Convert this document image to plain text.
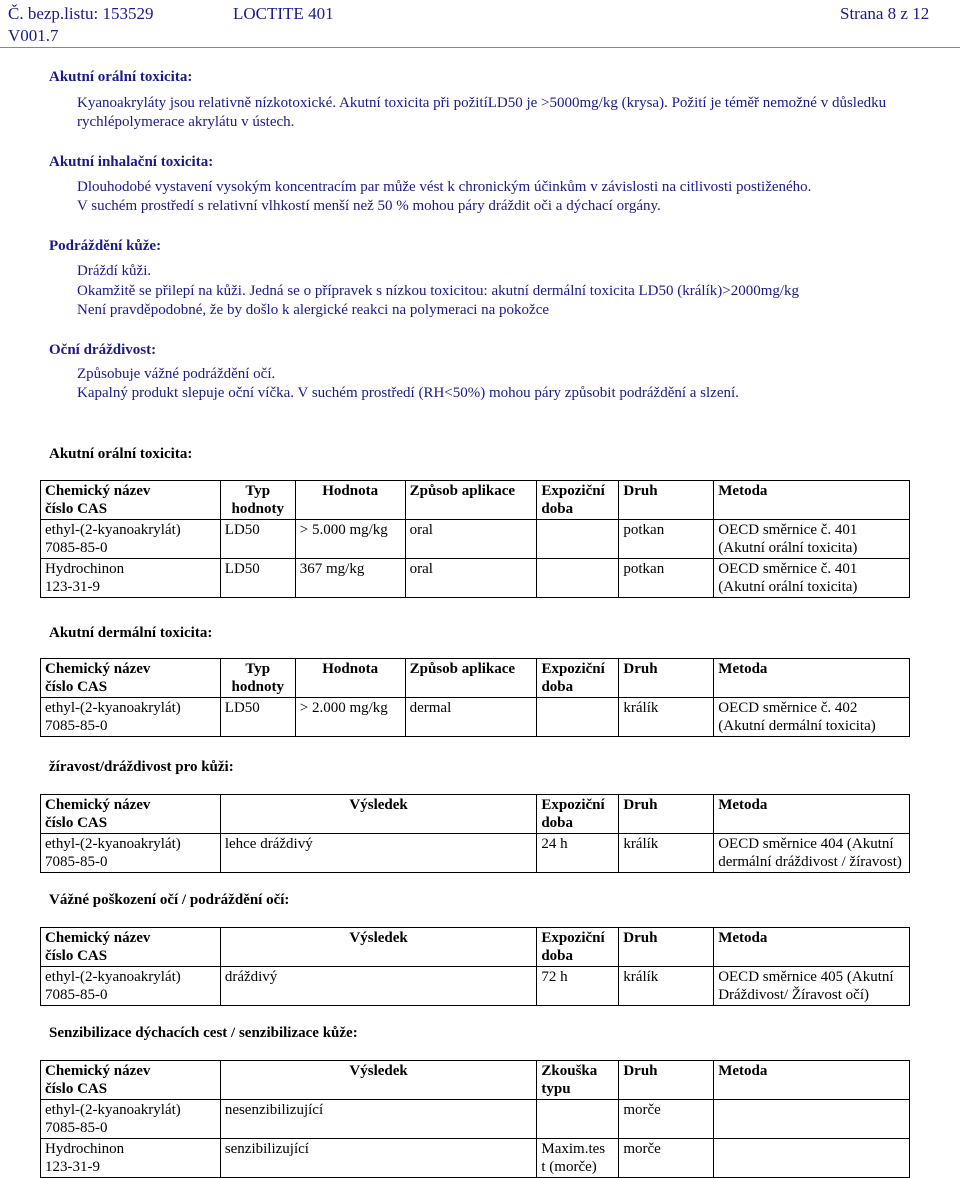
Č. bezp.listu: 153529
V001.7
LOCTITE 401	Strana 8 z 12
Akutní orální toxicita:
Kyanoakryláty jsou relativně nízkotoxické. Akutní toxicita při požitíLD50 je >5000mg/kg (krysa). Požití je téměř nemožné v důsledku rychlépolymerace akrylátu v ústech.
Akutní inhalační toxicita:
Dlouhodobé vystavení vysokým koncentracím par může vést k chronickým účinkům v závislosti na citlivosti postiženého.
V suchém prostředí s relativní vlhkostí menší než 50 % mohou páry dráždit oči a dýchací orgány.
Podráždění kůže:
Dráždí kůži.
Okamžitě se přilepí na kůži. Jedná se o přípravek s nízkou toxicitou: akutní dermální toxicita LD50 (králík)>2000mg/kg
Není pravděpodobné, že by došlo k alergické reakci na polymeraci na pokožce
Oční dráždivost:
Způsobuje vážné podráždění očí.
Kapalný produkt slepuje oční víčka. V suchém prostředí (RH<50%) mohou páry způsobit podráždění a slzení.
Akutní orální toxicita:
Chemický název
číslo CAS	Typ
hodnoty	Hodnota	Způsob aplikace	Expoziční
doba	Druh	Metoda
ethyl-(2-kyanoakrylát)
7085-85-0	LD50	> 5.000 mg/kg	oral		potkan	OECD směrnice č. 401
(Akutní orální toxicita)
Hydrochinon
123-31-9	LD50	367 mg/kg	oral		potkan	OECD směrnice č. 401
(Akutní orální toxicita)
Akutní dermální toxicita:
Chemický název
číslo CAS	Typ
hodnoty	Hodnota	Způsob aplikace	Expoziční
doba	Druh	Metoda
ethyl-(2-kyanoakrylát)
7085-85-0	LD50	> 2.000 mg/kg	dermal		králík	OECD směrnice č. 402
(Akutní dermální toxicita)
žíravost/dráždivost pro kůži:
Chemický název
číslo CAS	Výsledek	Expoziční
doba	Druh	Metoda
ethyl-(2-kyanoakrylát)
7085-85-0	lehce dráždivý	24 h	králík	OECD směrnice 404 (Akutní
dermální dráždivost / žíravost)
Vážné poškození očí / podráždění očí:
Chemický název
číslo CAS	Výsledek	Expoziční
doba	Druh	Metoda
ethyl-(2-kyanoakrylát)
7085-85-0	dráždivý	72 h	králík	OECD směrnice 405 (Akutní
Dráždivost/ Žíravost očí)
Senzibilizace dýchacích cest / senzibilizace kůže:
Chemický název
číslo CAS	Výsledek	Zkouška
typu	Druh	Metoda
ethyl-(2-kyanoakrylát)
7085-85-0	nesenzibilizující		morče	
Hydrochinon
123-31-9	senzibilizující	Maxim.tes
t (morče)	morče	
